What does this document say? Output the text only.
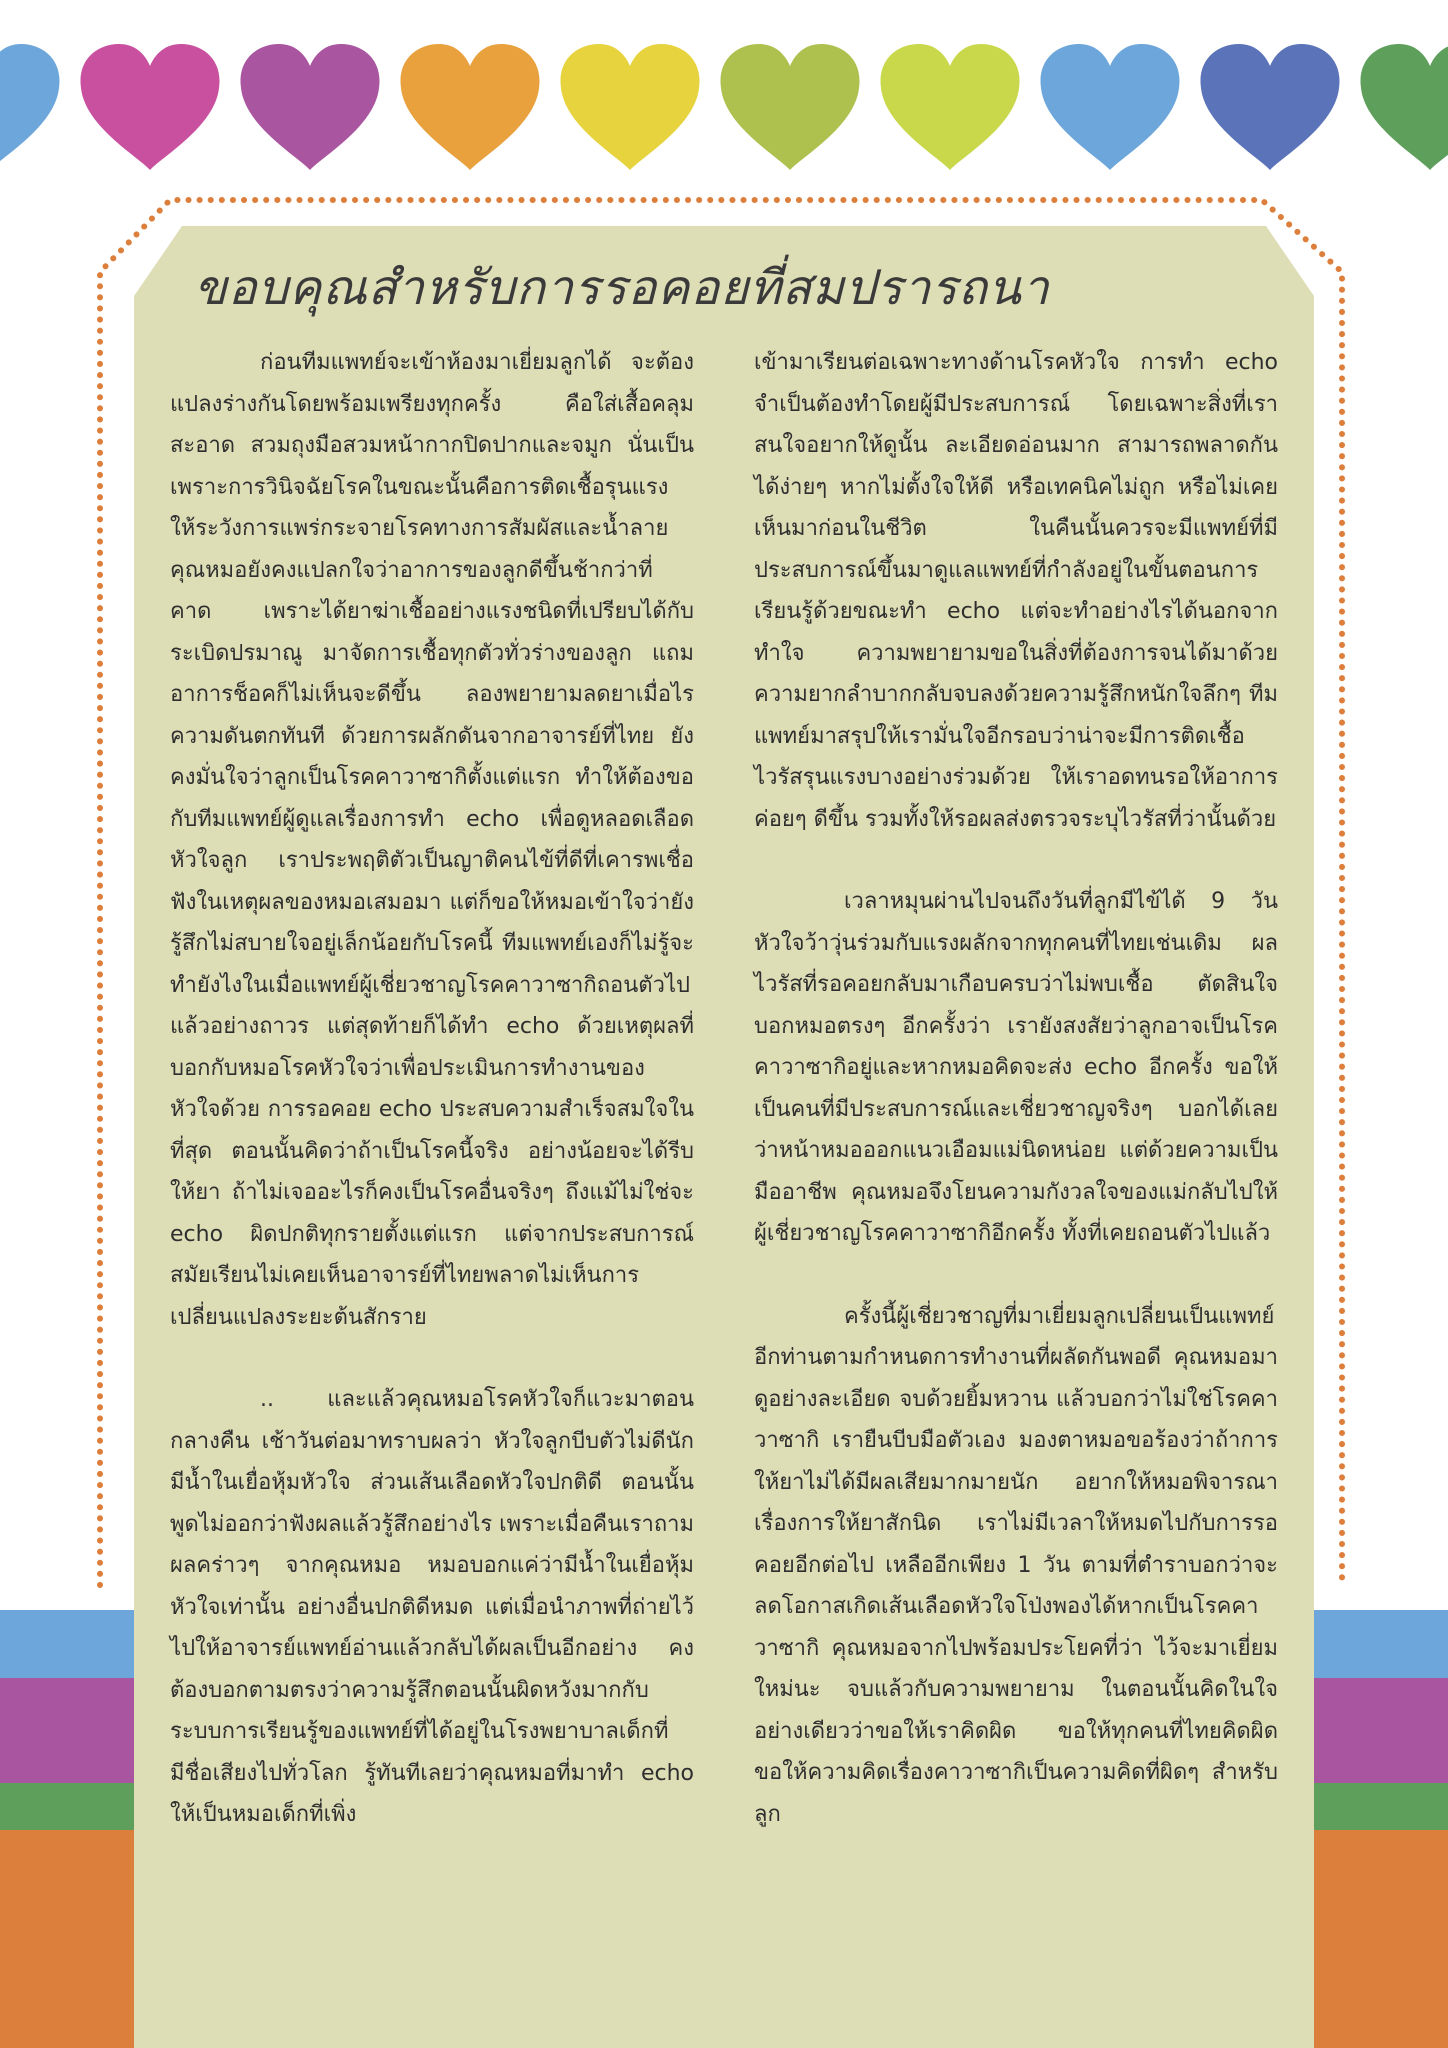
ขอบคุณสำหรับการรอคอยที่สมปรารถนา

ก่อนทีมแพทย์จะเข้าห้องมาเยี่ยมลูกได้ จะต้องแปลงร่างกันโดยพร้อมเพรียงทุกครั้ง คือใส่เสื้อคลุมสะอาด สวมถุงมือสวมหน้ากากปิดปากและจมูก นั่นเป็นเพราะการวินิจฉัยโรคในขณะนั้นคือการติดเชื้อรุนแรง ให้ระวังการแพร่กระจายโรคทางการสัมผัสและน้ำลาย คุณหมอยังคงแปลกใจว่าอาการของลูกดีขึ้นช้ากว่าที่คาด เพราะได้ยาฆ่าเชื้ออย่างแรงชนิดที่เปรียบได้กับระเบิดปรมาณู มาจัดการเชื้อทุกตัวทั่วร่างของลูก แถมอาการช็อคก็ไม่เห็นจะดีขึ้น ลองพยายามลดยาเมื่อไร ความดันตกทันที ด้วยการผลักดันจากอาจารย์ที่ไทย ยังคงมั่นใจว่าลูกเป็นโรคคาวาซากิตั้งแต่แรก ทำให้ต้องขอกับทีมแพทย์ผู้ดูแลเรื่องการทำ echo เพื่อดูหลอดเลือดหัวใจลูก เราประพฤติตัวเป็นญาติคนไข้ที่ดีที่เคารพเชื่อฟังในเหตุผลของหมอเสมอมา แต่ก็ขอให้หมอเข้าใจว่ายังรู้สึกไม่สบายใจอยู่เล็กน้อยกับโรคนี้ ทีมแพทย์เองก็ไม่รู้จะทำยังไงในเมื่อแพทย์ผู้เชี่ยวชาญโรคคาวาซากิถอนตัวไปแล้วอย่างถาวร แต่สุดท้ายก็ได้ทำ echo ด้วยเหตุผลที่บอกกับหมอโรคหัวใจว่าเพื่อประเมินการทำงานของหัวใจด้วย การรอคอย echo ประสบความสำเร็จสมใจในที่สุด ตอนนั้นคิดว่าถ้าเป็นโรคนี้จริง อย่างน้อยจะได้รีบให้ยา ถ้าไม่เจออะไรก็คงเป็นโรคอื่นจริงๆ ถึงแม้ไม่ใช่จะ echo ผิดปกติทุกรายตั้งแต่แรก แต่จากประสบการณ์สมัยเรียนไม่เคยเห็นอาจารย์ที่ไทยพลาดไม่เห็นการเปลี่ยนแปลงระยะต้นสักราย

.. และแล้วคุณหมอโรคหัวใจก็แวะมาตอนกลางคืน เช้าวันต่อมาทราบผลว่า หัวใจลูกบีบตัวไม่ดีนัก มีน้ำในเยื่อหุ้มหัวใจ ส่วนเส้นเลือดหัวใจปกติดี ตอนนั้นพูดไม่ออกว่าฟังผลแล้วรู้สึกอย่างไร เพราะเมื่อคืนเราถามผลคร่าวๆ จากคุณหมอ หมอบอกแค่ว่ามีน้ำในเยื่อหุ้มหัวใจเท่านั้น อย่างอื่นปกติดีหมด แต่เมื่อนำภาพที่ถ่ายไว้ไปให้อาจารย์แพทย์อ่านแล้วกลับได้ผลเป็นอีกอย่าง คงต้องบอกตามตรงว่าความรู้สึกตอนนั้นผิดหวังมากกับระบบการเรียนรู้ของแพทย์ที่ได้อยู่ในโรงพยาบาลเด็กที่มีชื่อเสียงไปทั่วโลก รู้ทันทีเลยว่าคุณหมอที่มาทำ echo ให้เป็นหมอเด็กที่เพิ่ง

เข้ามาเรียนต่อเฉพาะทางด้านโรคหัวใจ การทำ echo จำเป็นต้องทำโดยผู้มีประสบการณ์ โดยเฉพาะสิ่งที่เราสนใจอยากให้ดูนั้น ละเอียดอ่อนมาก สามารถพลาดกันได้ง่ายๆ หากไม่ตั้งใจให้ดี หรือเทคนิคไม่ถูก หรือไม่เคยเห็นมาก่อนในชีวิต ในคืนนั้นควรจะมีแพทย์ที่มีประสบการณ์ขึ้นมาดูแลแพทย์ที่กำลังอยู่ในขั้นตอนการเรียนรู้ด้วยขณะทำ echo แต่จะทำอย่างไรได้นอกจากทำใจ ความพยายามขอในสิ่งที่ต้องการจนได้มาด้วยความยากลำบากกลับจบลงด้วยความรู้สึกหนักใจลึกๆ ทีมแพทย์มาสรุปให้เรามั่นใจอีกรอบว่าน่าจะมีการติดเชื้อไวรัสรุนแรงบางอย่างร่วมด้วย ให้เราอดทนรอให้อาการค่อยๆ ดีขึ้น รวมทั้งให้รอผลส่งตรวจระบุไวรัสที่ว่านั้นด้วย

เวลาหมุนผ่านไปจนถึงวันที่ลูกมีไข้ได้ 9 วัน หัวใจว้าวุ่นร่วมกับแรงผลักจากทุกคนที่ไทยเช่นเดิม ผลไวรัสที่รอคอยกลับมาเกือบครบว่าไม่พบเชื้อ ตัดสินใจบอกหมอตรงๆ อีกครั้งว่า เรายังสงสัยว่าลูกอาจเป็นโรคคาวาซากิอยู่และหากหมอคิดจะส่ง echo อีกครั้ง ขอให้เป็นคนที่มีประสบการณ์และเชี่ยวชาญจริงๆ บอกได้เลยว่าหน้าหมอออกแนวเอือมแม่นิดหน่อย แต่ด้วยความเป็นมืออาชีพ คุณหมอจึงโยนความกังวลใจของแม่กลับไปให้ผู้เชี่ยวชาญโรคคาวาซากิอีกครั้ง ทั้งที่เคยถอนตัวไปแล้ว

ครั้งนี้ผู้เชี่ยวชาญที่มาเยี่ยมลูกเปลี่ยนเป็นแพทย์อีกท่านตามกำหนดการทำงานที่ผลัดกันพอดี คุณหมอมาดูอย่างละเอียด จบด้วยยิ้มหวาน แล้วบอกว่าไม่ใช่โรคคาวาซากิ เรายืนบีบมือตัวเอง มองตาหมอขอร้องว่าถ้าการให้ยาไม่ได้มีผลเสียมากมายนัก อยากให้หมอพิจารณาเรื่องการให้ยาสักนิด เราไม่มีเวลาให้หมดไปกับการรอคอยอีกต่อไป เหลืออีกเพียง 1 วัน ตามที่ตำราบอกว่าจะลดโอกาสเกิดเส้นเลือดหัวใจโป่งพองได้หากเป็นโรคคาวาซากิ คุณหมอจากไปพร้อมประโยคที่ว่า ไว้จะมาเยี่ยมใหม่นะ จบแล้วกับความพยายาม ในตอนนั้นคิดในใจอย่างเดียวว่าขอให้เราคิดผิด ขอให้ทุกคนที่ไทยคิดผิด ขอให้ความคิดเรื่องคาวาซากิเป็นความคิดที่ผิดๆ สำหรับลูก
